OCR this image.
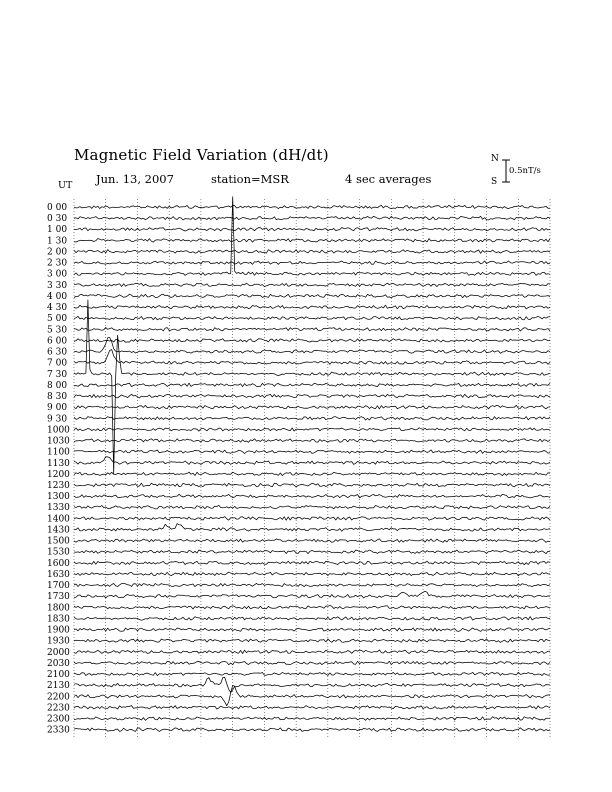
Magnetic Field Variation (dH/dt)
Jun. 13, 2007	station=MSR	4 sec averages
UT
N
S
0.5nT/s
0 00
0 30
1 00
1 30
2 00
2 30
3 00
3 30
4 00
4 30
5 00
5 30
6 00
6 30
7 00
7 30
8 00
8 30
9 00
9 30
1000
1030
1100
1130
1200
1230
1300
1330
1400
1430
1500
1530
1600
1630
1700
1730
1800
1830
1900
1930
2000
2030
2100
2130
2200
2230
2300
2330
